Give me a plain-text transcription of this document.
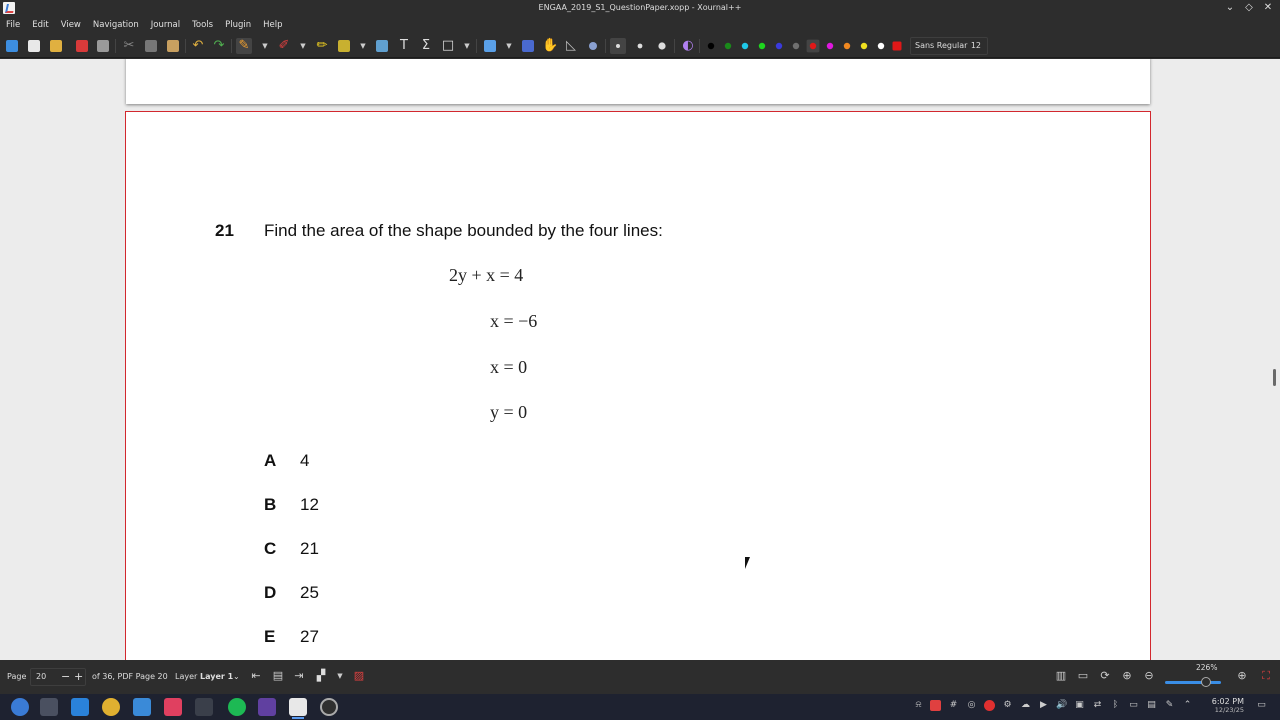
ENGAA_2019_S1_QuestionPaper.xopp - Xournal++	⌄ ◇ ✕
File Edit View Navigation Journal Tools Plugin Help
✂	↶ ↷ ✎	▼ ✐	▼ ✏	▼	T	Σ □ ▼	▼ ✋ ◺	◐	Sans Regular 12
21 Find the area of the shape bounded by the four lines:
2y + x = 4
x = −6
x = 0
y = 0
A 4
B 12
C 21
D 25
E 27
Page 20 − + of 36, PDF Page 20 Layer Layer 1 ⌄ ⇤ ▤ ⇥ ▞	▼	▨	▥ ▭ ⟳ ⊕ ⊖
226%
⊕ ⛶
⍾	# ◎	⚙ ☁ ▶ 🔊 ▣ ⇄	ᛒ	▭ ▤ ✎ ⌃	6:02 PM
12/23/25 ▭
